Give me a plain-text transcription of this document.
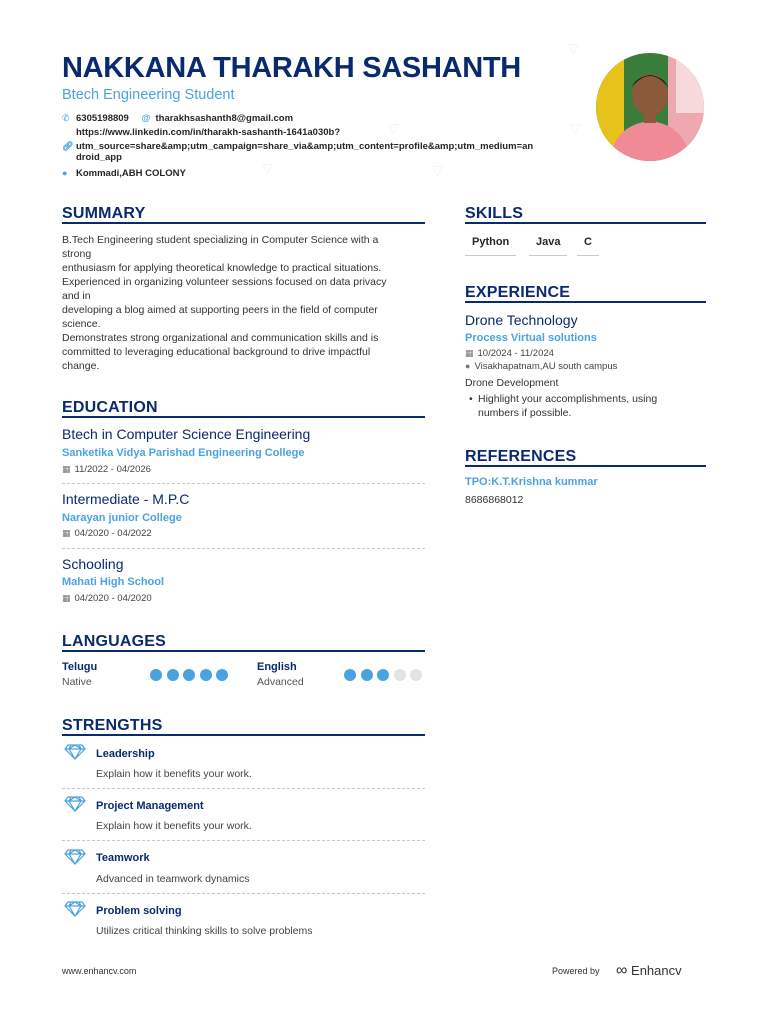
▽
▽
▽
▽
▽
NAKKANA THARAKH SASHANTH
Btech Engineering Student
✆ 6305198809 @ tharakhsashanth8@gmail.com
https://www.linkedin.com/in/tharakh-sashanth-1641a030b?
🔗︎ utm_source=share&amp;utm_campaign=share_via&amp;utm_content=profile&amp;utm_medium=an
droid_app
● Kommadi,ABH COLONY
SUMMARY
B.Tech Engineering student specializing in Computer Science with a
strong
enthusiasm for applying theoretical knowledge to practical situations.
Experienced in organizing volunteer sessions focused on data privacy
and in
developing a blog aimed at supporting peers in the field of computer
science.
Demonstrates strong organizational and communication skills and is
committed to leveraging educational background to drive impactful
change.
EDUCATION
Btech in Computer Science Engineering
Sanketika Vidya Parishad Engineering College
▦ 11/2022 - 04/2026
Intermediate - M.P.C
Narayan junior College
▦ 04/2020 - 04/2022
Schooling
Mahati High School
▦ 04/2020 - 04/2020
LANGUAGES
Telugu
Native
English
Advanced
STRENGTHS
Leadership
Explain how it benefits your work.
Project Management
Explain how it benefits your work.
Teamwork
Advanced in teamwork dynamics
Problem solving
Utilizes critical thinking skills to solve problems
SKILLS
Python	Java	C
EXPERIENCE
Drone Technology
Process Virtual solutions
▦ 10/2024 - 11/2024
● Visakhapatnam,AU south campus
Drone Development
• Highlight your accomplishments, using
numbers if possible.
REFERENCES
TPO:K.T.Krishna kummar
8686868012
www.enhancv.com	Powered by ∞ Enhancv
